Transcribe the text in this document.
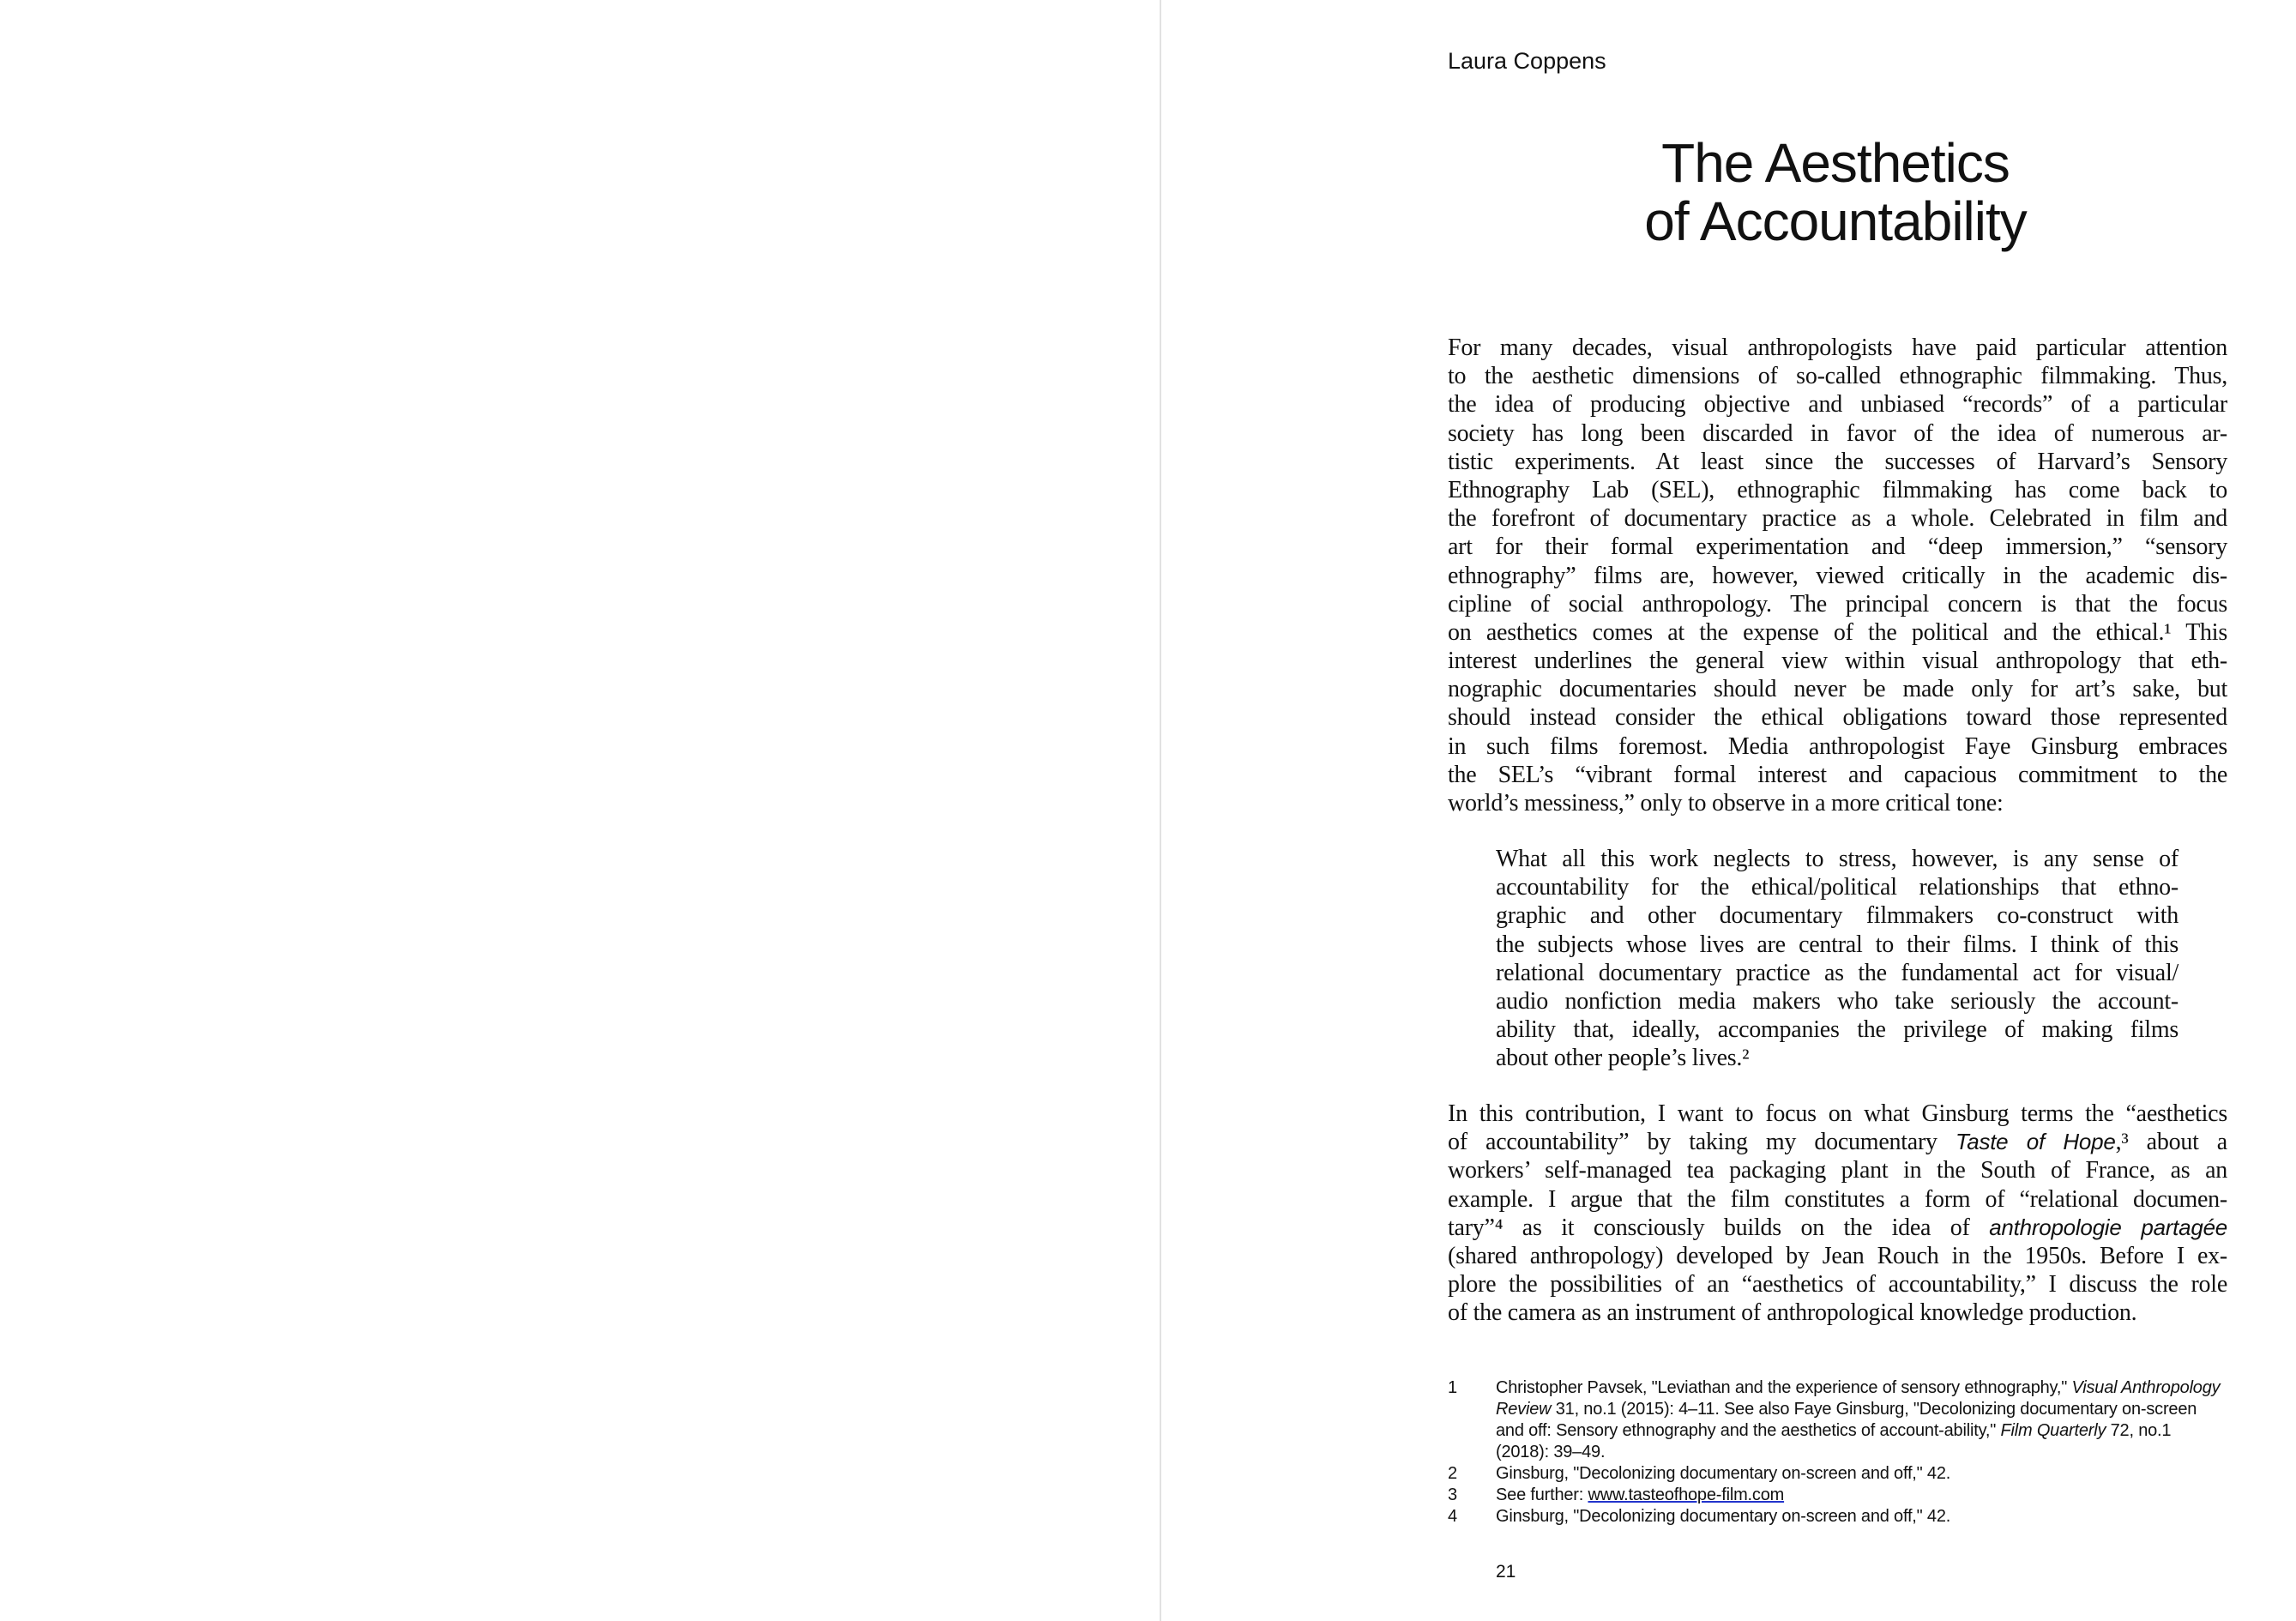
Laura Coppens
The Aesthetics
of Accountability
For many decades, visual anthropologists have paid particular attention
to the aesthetic dimensions of so-called ethnographic filmmaking. Thus,
the idea of producing objective and unbiased “records” of a particular
society has long been discarded in favor of the idea of numerous ar-
tistic experiments. At least since the successes of Harvard’s Sensory
Ethnography Lab (SEL), ethnographic filmmaking has come back to
the forefront of documentary practice as a whole. Celebrated in film and
art for their formal experimentation and “deep immersion,” “sensory
ethnography” films are, however, viewed critically in the academic dis-
cipline of social anthropology. The principal concern is that the focus
on aesthetics comes at the expense of the political and the ethical.¹ This
interest underlines the general view within visual anthropology that eth-
nographic documentaries should never be made only for art’s sake, but
should instead consider the ethical obligations toward those represented
in such films foremost. Media anthropologist Faye Ginsburg embraces
the SEL’s “vibrant formal interest and capacious commitment to the
world’s messiness,” only to observe in a more critical tone:
What all this work neglects to stress, however, is any sense of
accountability for the ethical/political relationships that ethno-
graphic and other documentary filmmakers co-construct with
the subjects whose lives are central to their films. I think of this
relational documentary practice as the fundamental act for visual/
audio nonfiction media makers who take seriously the account-
ability that, ideally, accompanies the privilege of making films
about other people’s lives.²
In this contribution, I want to focus on what Ginsburg terms the “aesthetics
of accountability” by taking my documentary Taste of Hope,³ about a
workers’ self-managed tea packaging plant in the South of France, as an
example. I argue that the film constitutes a form of “relational documen-
tary”⁴ as it consciously builds on the idea of anthropologie partagée
(shared anthropology) developed by Jean Rouch in the 1950s. Before I ex-
plore the possibilities of an “aesthetics of accountability,” I discuss the role
of the camera as an instrument of anthropological knowledge production.
1	Christopher Pavsek, "Leviathan and the experience of sensory ethnography," Visual Anthropology Review 31, no.1 (2015): 4–11. See also Faye Ginsburg, "Decolonizing documentary on-screen and off: Sensory ethnography and the aesthetics of account-ability," Film Quarterly 72, no.1 (2018): 39–49.
2	Ginsburg, "Decolonizing documentary on-screen and off," 42.
3	See further: www.tasteofhope-film.com
4	Ginsburg, "Decolonizing documentary on-screen and off," 42.
21
